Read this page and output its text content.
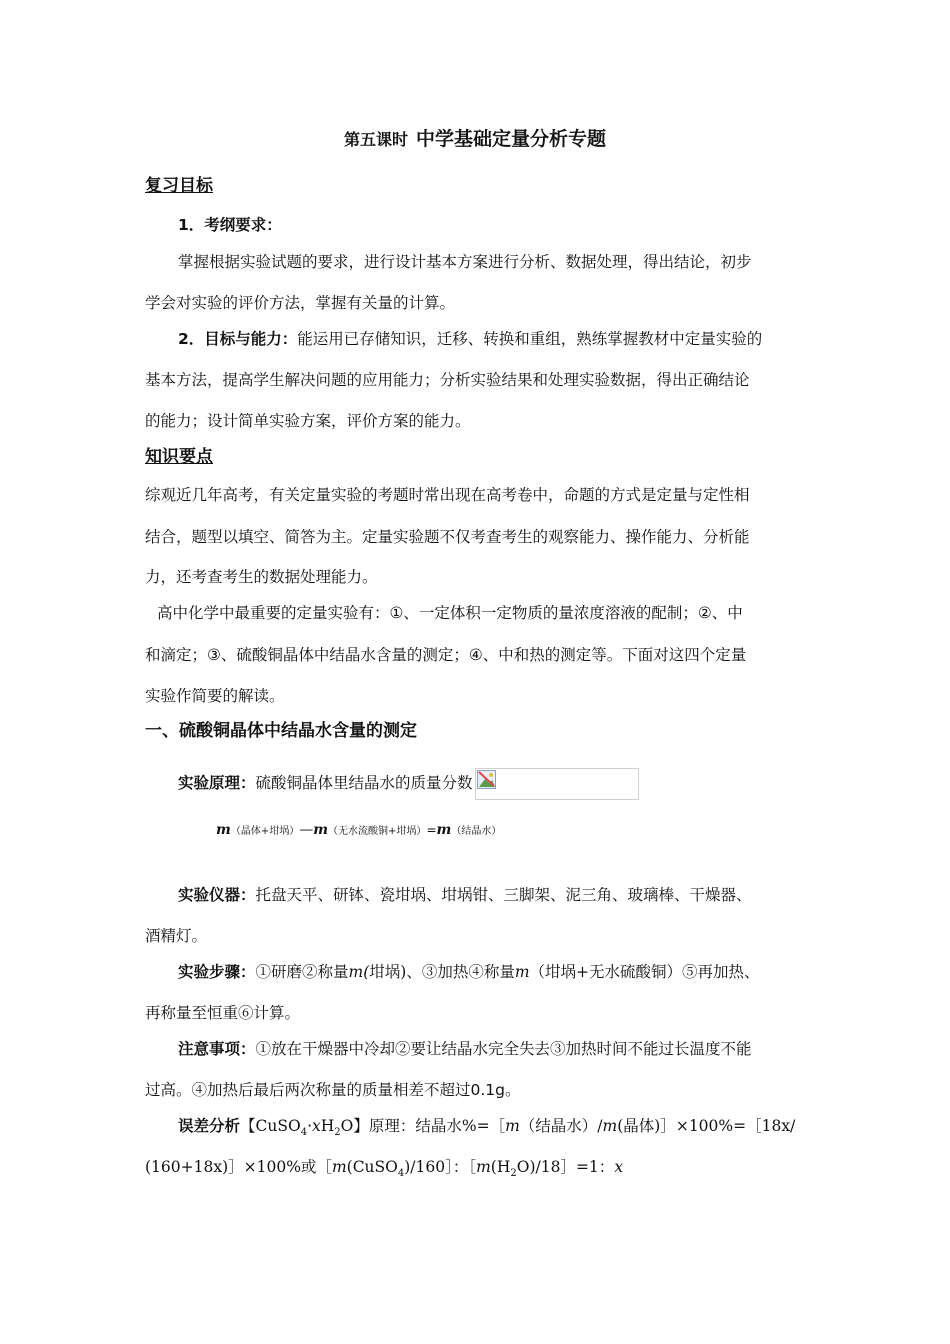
第五课时 中学基础定量分析专题
复习目标
1．考纲要求：
掌握根据实验试题的要求，进行设计基本方案进行分析、数据处理，得出结论，初步
学会对实验的评价方法，掌握有关量的计算。
2．目标与能力：能运用已存储知识，迁移、转换和重组，熟练掌握教材中定量实验的
基本方法，提高学生解决问题的应用能力；分析实验结果和处理实验数据，得出正确结论
的能力；设计简单实验方案，评价方案的能力。
知识要点
综观近几年高考，有关定量实验的考题时常出现在高考卷中，命题的方式是定量与定性相
结合，题型以填空、简答为主。定量实验题不仅考查考生的观察能力、操作能力、分析能
力，还考查考生的数据处理能力。
高中化学中最重要的定量实验有：①、一定体积一定物质的量浓度溶液的配制；②、中
和滴定；③、硫酸铜晶体中结晶水含量的测定；④、中和热的测定等。下面对这四个定量
实验作简要的解读。
一、硫酸铜晶体中结晶水含量的测定
实验原理：硫酸铜晶体里结晶水的质量分数
m（晶体+坩埚）—m（无水流酸铜+坩埚）=m（结晶水）
实验仪器：托盘天平、研钵、瓷坩埚、坩埚钳、三脚架、泥三角、玻璃棒、干燥器、
酒精灯。
实验步骤：①研磨②称量m(坩埚)、③加热④称量m（坩埚+无水硫酸铜）⑤再加热、
再称量至恒重⑥计算。
注意事项：①放在干燥器中冷却②要让结晶水完全失去③加热时间不能过长温度不能
过高。④加热后最后两次称量的质量相差不超过0.1g。
误差分析【$CuSO_4\cdot xH_2O$】原理：结晶水%=［m（结晶水）/m(晶体)］×100%=［18x/
(160+18x)］×100%或［m(CuSO$_4$)/160］：$[m(H_2O)/18]=1$：x
